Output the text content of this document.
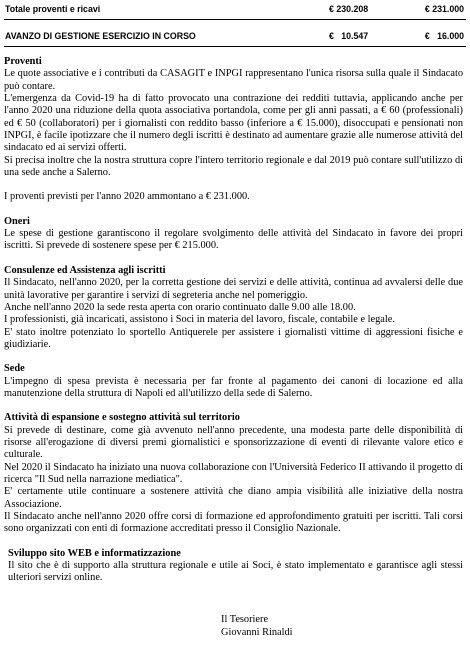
Totale proventi e ricavi	€ 230.208	€ 231.000
AVANZO DI GESTIONE ESERCIZIO IN CORSO	€   10.547	€   16.000

Proventi

Le quote associative e i contributi da CASAGIT e INPGI rappresentano l'unica risorsa sulla quale il Sindacato può contare.

L'emergenza da Covid-19 ha di fatto provocato una contrazione dei redditi tuttavia, applicando anche per l'anno 2020 una riduzione della quota associativa portandola, come per gli anni passati, a € 60 (professionali) ed € 50 (collaboratori) per i giornalisti con reddito basso (inferiore a € 15.000), disoccupati e pensionati non INPGI, è facile ipotizzare che il numero degli iscritti è destinato ad aumentare grazie alle numerose attività del sindacato ed ai servizi offerti.

Si precisa inoltre che la nostra struttura copre l'intero territorio regionale e dal 2019 può contare sull'utilizzo di una sede anche a Salerno.

I proventi previsti per l'anno 2020 ammontano a € 231.000.

Oneri

Le spese di gestione garantiscono il regolare svolgimento delle attività del Sindacato in favore dei propri iscritti. Si prevede di sostenere spese per € 215.000.

Consulenze ed Assistenza agli iscritti

Il Sindacato, nell'anno 2020, per la corretta gestione dei servizi e delle attività, continua ad avvalersi delle due unità lavorative per garantire i servizi di segreteria anche nel pomeriggio.

Anche nell'anno 2020 la sede resta aperta con orario continuato dalle 9.00 alle 18.00.

I professionisti, già incaricati, assistono i Soci in materia del lavoro, fiscale, contabile e legale.

E' stato inoltre potenziato lo sportello Antiquerele per assistere i giornalisti vittime di aggressioni fisiche e giudiziarie.

Sede

L'impegno di spesa prevista è necessaria per far fronte al pagamento dei canoni di locazione ed alla manutenzione della struttura di Napoli ed all'utilizzo della sede di Salerno.

Attività di espansione e sostegno attività sul territorio

Si prevede di destinare, come già avvenuto nell'anno precedente, una modesta parte delle disponibilità di risorse all'erogazione di diversi premi giornalistici e sponsorizzazione di eventi di rilevante valore etico e culturale.

Nel 2020 il Sindacato ha iniziato una nuova collaborazione con l'Università Federico II attivando il progetto di ricerca "Il Sud nella narrazione mediatica".

E' certamente utile continuare a sostenere attività che diano ampia visibilità alle iniziative della nostra Associazione.

Il Sindacato anche nell'anno 2020 offre corsi di formazione ed approfondimento gratuiti per iscritti. Tali corsi sono organizzati con enti di formazione accreditati presso il Consiglio Nazionale.

Sviluppo sito WEB e informatizzazione

Il sito che è di supporto alla struttura regionale e utile ai Soci, è stato implementato e garantisce agli stessi ulteriori servizi online.

Il Tesoriere
Giovanni Rinaldi
